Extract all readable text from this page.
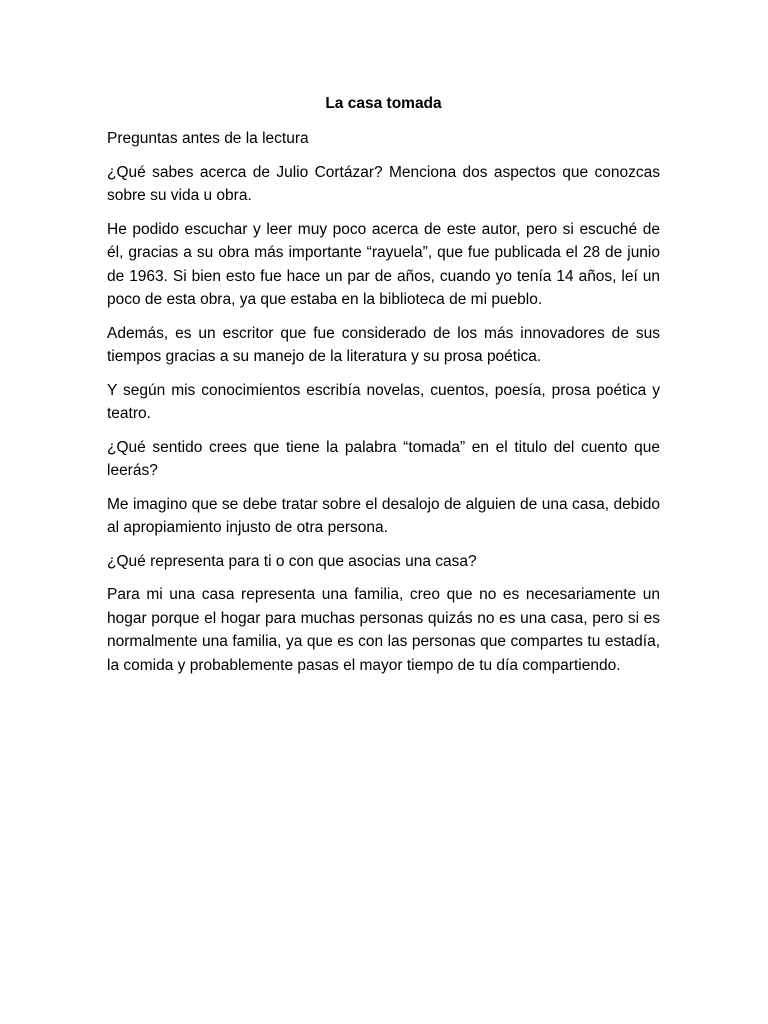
La casa tomada

Preguntas antes de la lectura

¿Qué sabes acerca de Julio Cortázar? Menciona dos aspectos que conozcas sobre su vida u obra.

He podido escuchar y leer muy poco acerca de este autor, pero si escuché de él, gracias a su obra más importante “rayuela”, que fue publicada el 28 de junio de 1963. Si bien esto fue hace un par de años, cuando yo tenía 14 años, leí un poco de esta obra, ya que estaba en la biblioteca de mi pueblo.

Además, es un escritor que fue considerado de los más innovadores de sus tiempos gracias a su manejo de la literatura y su prosa poética.

Y según mis conocimientos escribía novelas, cuentos, poesía, prosa poética y teatro.

¿Qué sentido crees que tiene la palabra “tomada” en el titulo del cuento que leerás?

Me imagino que se debe tratar sobre el desalojo de alguien de una casa, debido al apropiamiento injusto de otra persona.

¿Qué representa para ti o con que asocias una casa?

Para mi una casa representa una familia, creo que no es necesariamente un hogar porque el hogar para muchas personas quizás no es una casa, pero si es normalmente una familia, ya que es con las personas que compartes tu estadía, la comida y probablemente pasas el mayor tiempo de tu día compartiendo.
